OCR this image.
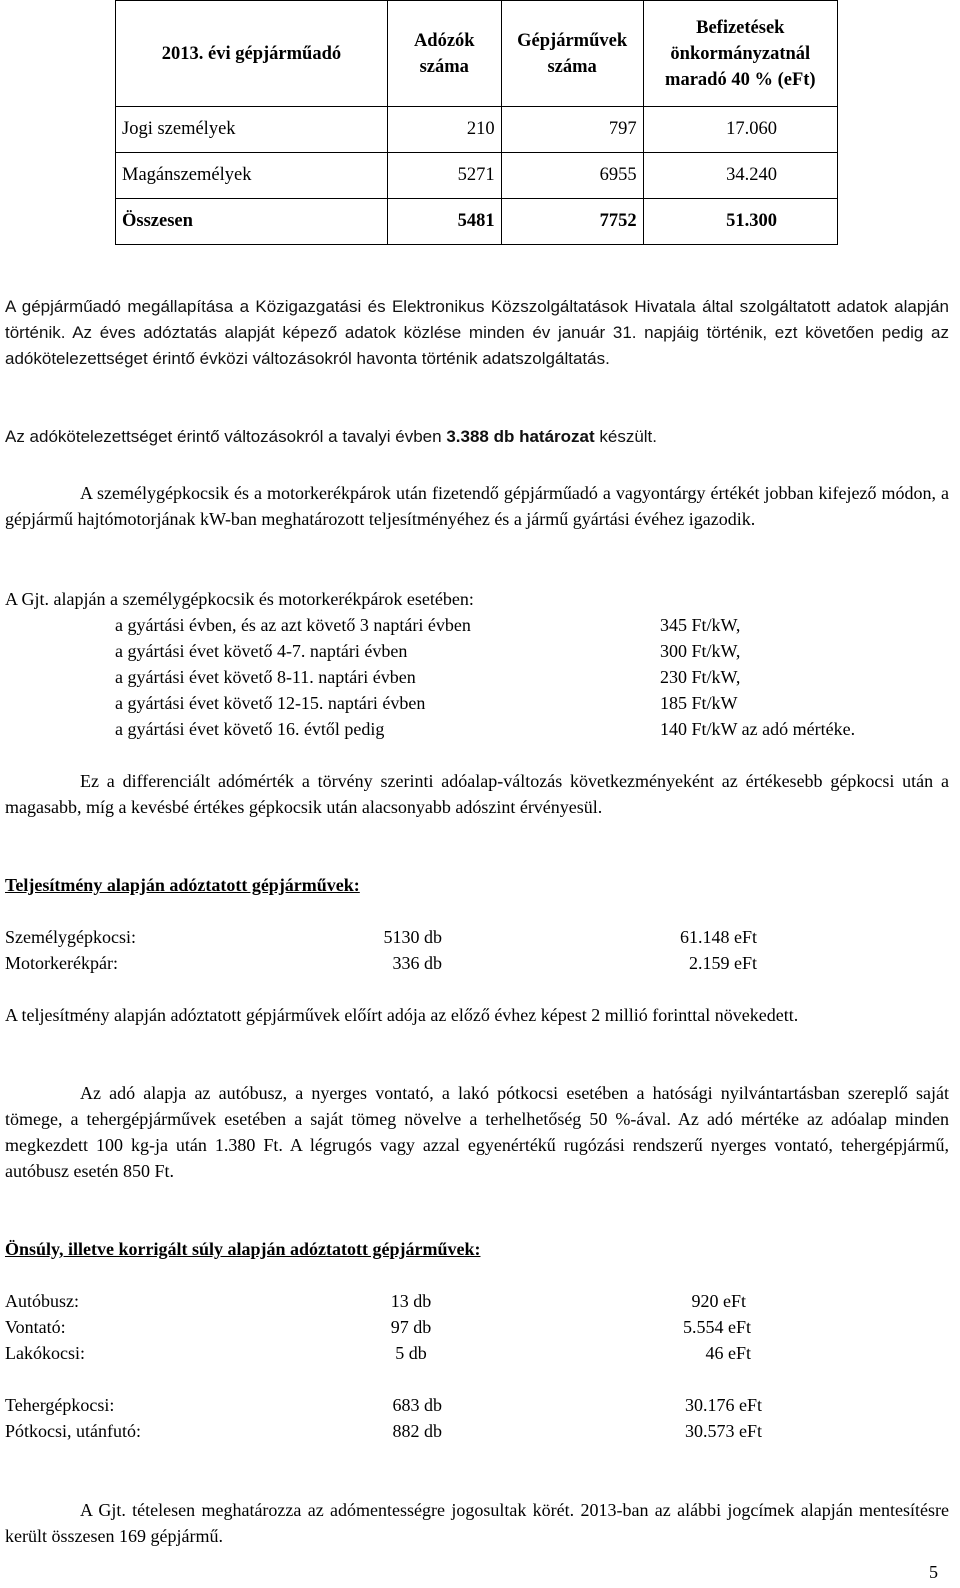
2013. évi gépjárműadó	Adózók száma	Gépjárművek száma	Befizetések önkormányzatnál maradó 40 % (eFt)
Jogi személyek	210	797	17.060
Magánszemélyek	5271	6955	34.240
Összesen	5481	7752	51.300

A gépjárműadó megállapítása a Közigazgatási és Elektronikus Közszolgáltatások Hivatala által szolgáltatott adatok alapján történik. Az éves adóztatás alapját képező adatok közlése minden év január 31. napjáig történik, ezt követően pedig az adókötelezettséget érintő évközi változásokról havonta történik adatszolgáltatás.

Az adókötelezettséget érintő változásokról a tavalyi évben 3.388 db határozat készült.

A személygépkocsik és a motorkerékpárok után fizetendő gépjárműadó a vagyontárgy értékét jobban kifejező módon, a gépjármű hajtómotorjának kW-ban meghatározott teljesítményéhez és a jármű gyártási évéhez igazodik.

A Gjt. alapján a személygépkocsik és motorkerékpárok esetében:
a gyártási évben, és az azt követő 3 naptári évben	345 Ft/kW,
a gyártási évet követő 4-7. naptári évben	300 Ft/kW,
a gyártási évet követő 8-11. naptári évben	230 Ft/kW,
a gyártási évet követő 12-15. naptári évben	185 Ft/kW
a gyártási évet követő 16. évtől pedig	140 Ft/kW az adó mértéke.

Ez a differenciált adómérték a törvény szerinti adóalap-változás következményeként az értékesebb gépkocsi után a magasabb, míg a kevésbé értékes gépkocsik után alacsonyabb adószint érvényesül.

Teljesítmény alapján adóztatott gépjárművek:
Személygépkocsi:	5130 db	61.148 eFt
Motorkerékpár:	336 db	2.159 eFt

A teljesítmény alapján adóztatott gépjárművek előírt adója az előző évhez képest 2 millió forinttal növekedett.

Az adó alapja az autóbusz, a nyerges vontató, a lakó pótkocsi esetében a hatósági nyilvántartásban szereplő saját tömege, a tehergépjárművek esetében a saját tömeg növelve a terhelhetőség 50 %-ával. Az adó mértéke az adóalap minden megkezdett 100 kg-ja után 1.380 Ft. A légrugós vagy azzal egyenértékű rugózási rendszerű nyerges vontató, tehergépjármű, autóbusz esetén 850 Ft.

Önsúly, illetve korrigált súly alapján adóztatott gépjárművek:
Autóbusz:	13 db	920 eFt
Vontató:	97 db	5.554 eFt
Lakókocsi:	5 db	46 eFt
Tehergépkocsi:	683 db	30.176 eFt
Pótkocsi, utánfutó:	882 db	30.573 eFt

A Gjt. tételesen meghatározza az adómentességre jogosultak körét. 2013-ban az alábbi jogcímek alapján mentesítésre került összesen 169 gépjármű.

5
